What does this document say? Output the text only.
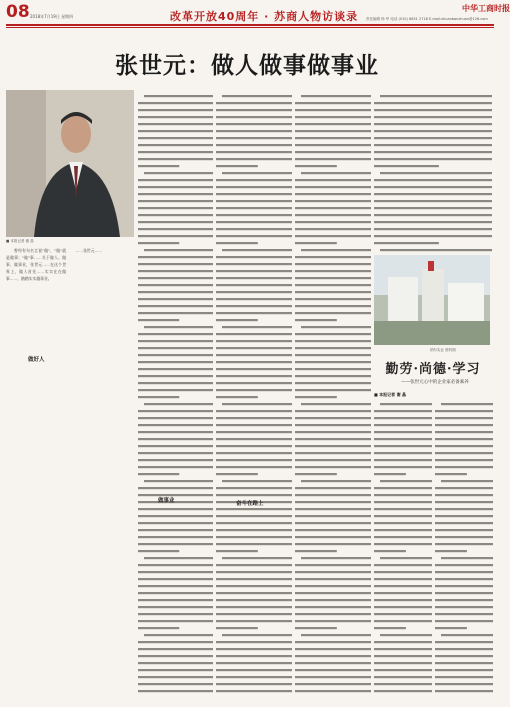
08 2018年7月19日 星期四	改革开放40周年 · 苏商人物访谈录
中华工商时报
责任编辑 杨 华 电话 (010) 6631 2718 E-mail:zhuanbanzhuan@126.com
张世元：做人做事做事业
■ 本报记者 谢 晶
　　曾经有句名言说"做"，"做"就是做事；"做"事……关于做人、做事、做事业，张世元……在这个世界上，做人首先……实实在在做事……，踏踏实实做事业。
　　……张世元……
做好人
做事业	奋斗在路上
纳尔实业 资料图
勤劳·尚德·学习
——张世元心中的企业家必备素养
■ 本报记者 谢 晶
